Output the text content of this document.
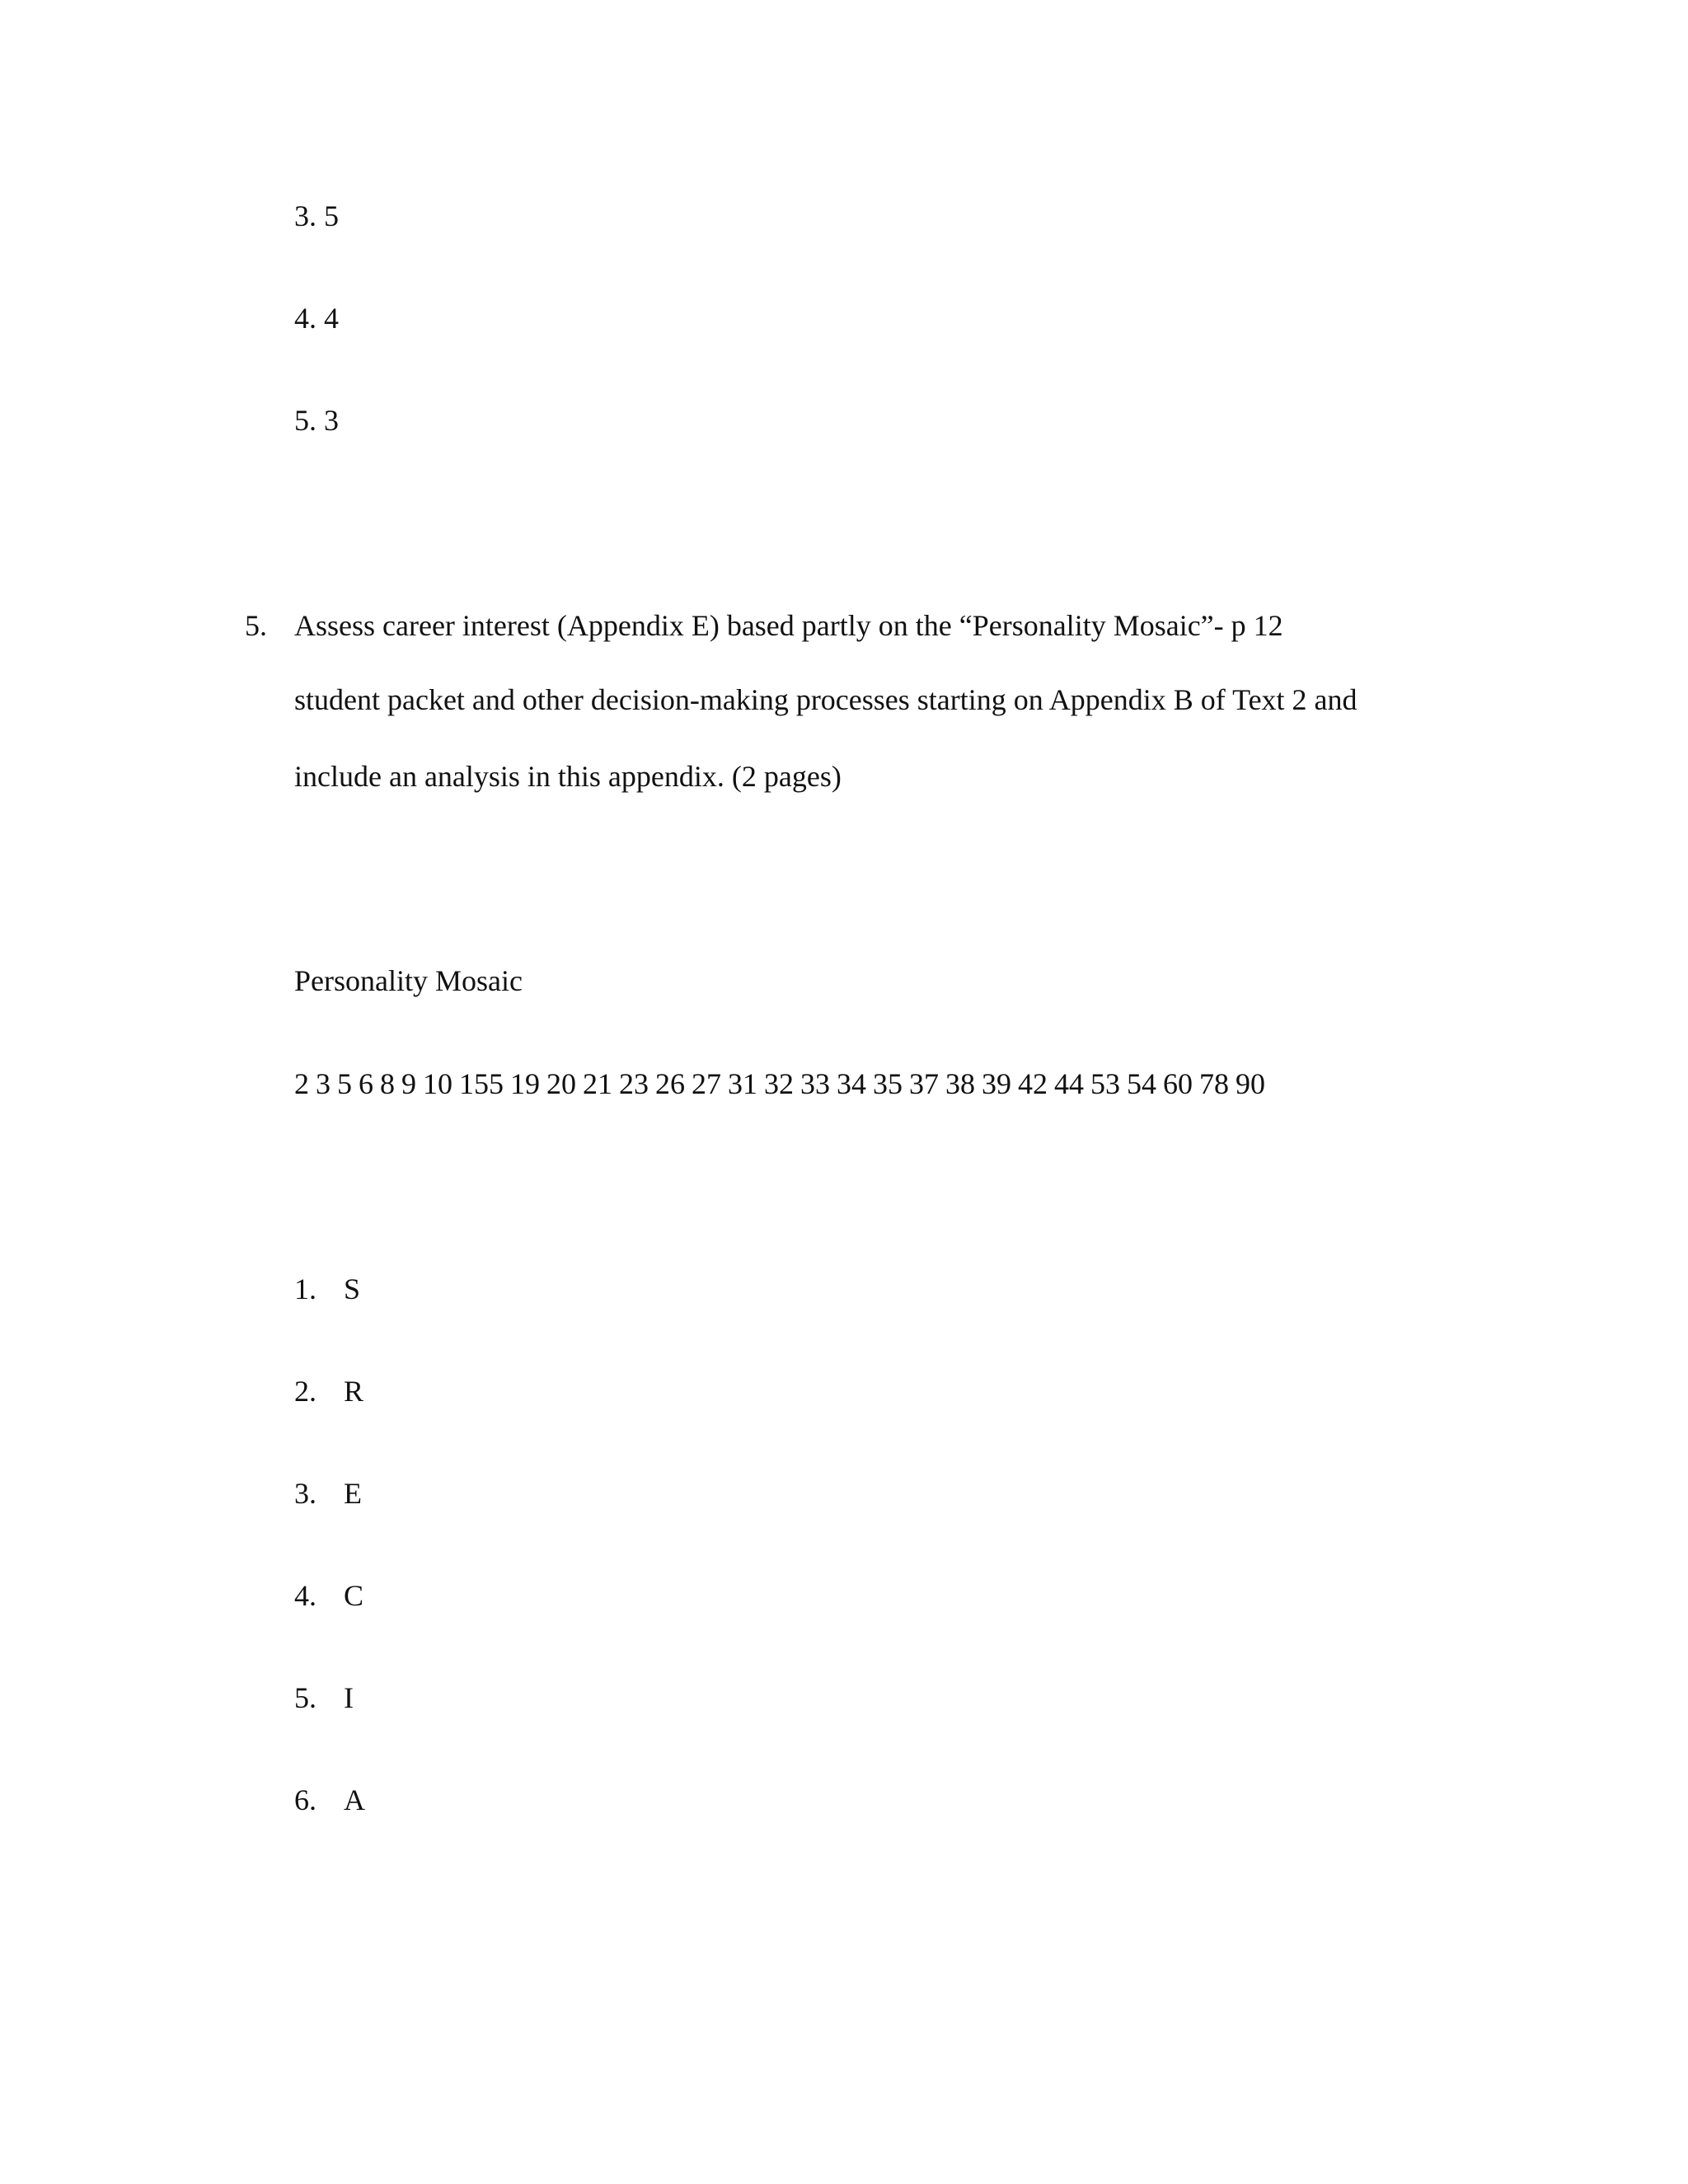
3. 5
4. 4
5. 3
5. Assess career interest (Appendix E) based partly on the “Personality Mosaic”- p 12
student packet and other decision-making processes starting on Appendix B of Text 2 and
include an analysis in this appendix. (2 pages)
Personality Mosaic
2 3 5 6 8 9 10 155 19 20 21 23 26 27 31 32 33 34 35 37 38 39 42 44 53 54 60 78 90
1. S
2. R
3. E
4. C
5. I
6. A
